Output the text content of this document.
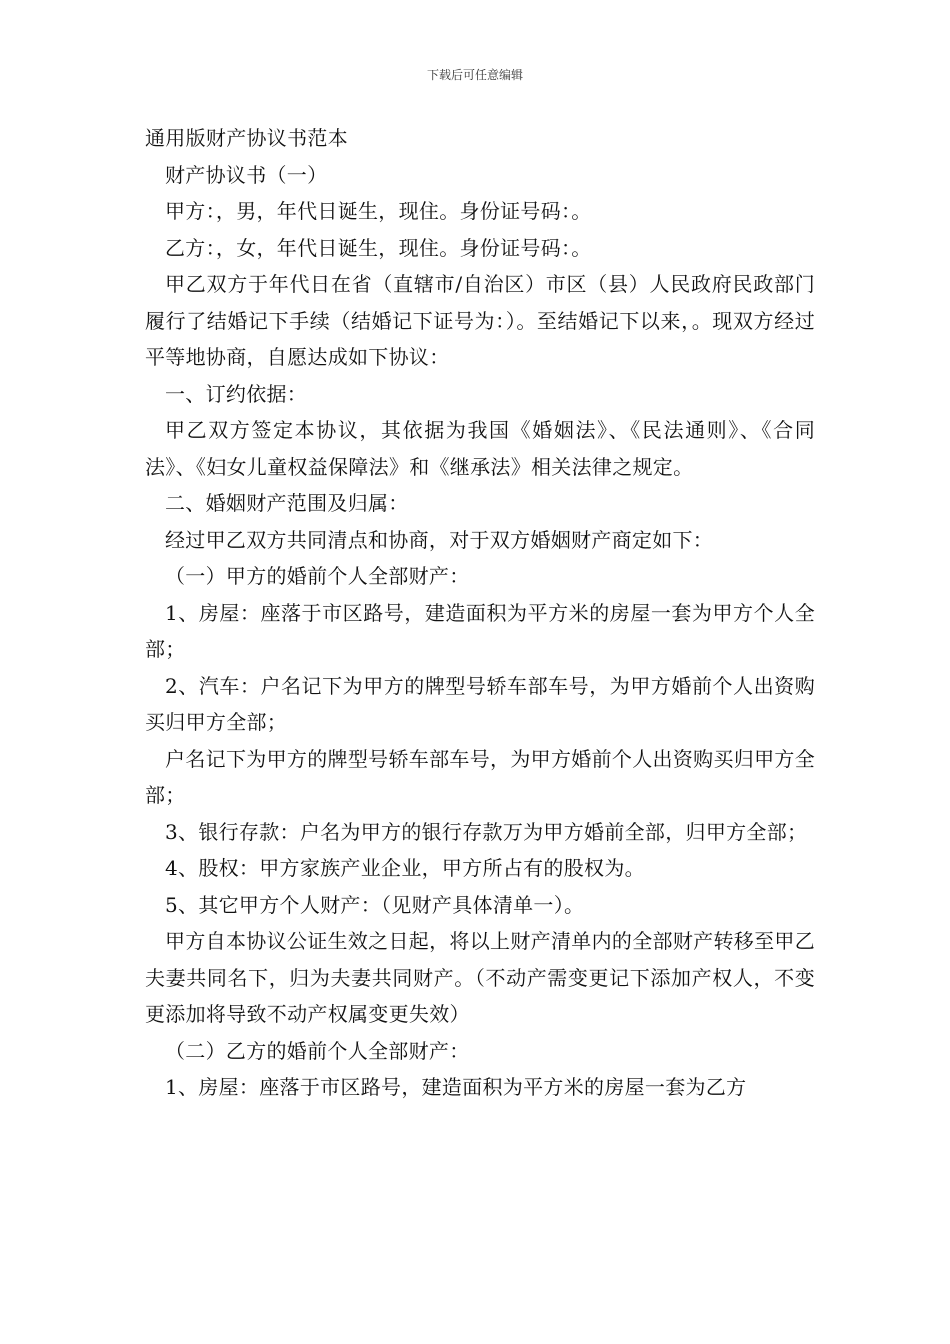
下载后可任意编辑

通用版财产协议书范本

财产协议书（一）

甲方：，男，年代日诞生，现住。身份证号码：。

乙方：，女，年代日诞生，现住。身份证号码：。

甲乙双方于年代日在省（直辖市/自治区）市区（县）人民政府民政部门履行了结婚记下手续（结婚记下证号为：）。至结婚记下以来，。现双方经过平等地协商，自愿达成如下协议：

一、订约依据：

甲乙双方签定本协议，其依据为我国《婚姻法》、《民法通则》、《合同法》、《妇女儿童权益保障法》和《继承法》相关法律之规定。

二、婚姻财产范围及归属：

经过甲乙双方共同清点和协商，对于双方婚姻财产商定如下：

（一）甲方的婚前个人全部财产：

1、房屋：座落于市区路号，建造面积为平方米的房屋一套为甲方个人全部；

2、汽车：户名记下为甲方的牌型号轿车部车号，为甲方婚前个人出资购买归甲方全部；

户名记下为甲方的牌型号轿车部车号，为甲方婚前个人出资购买归甲方全部；

3、银行存款：户名为甲方的银行存款万为甲方婚前全部，归甲方全部；

4、股权：甲方家族产业企业，甲方所占有的股权为。

5、其它甲方个人财产：（见财产具体清单一）。

甲方自本协议公证生效之日起，将以上财产清单内的全部财产转移至甲乙夫妻共同名下，归为夫妻共同财产。（不动产需变更记下添加产权人，不变更添加将导致不动产权属变更失效）

（二）乙方的婚前个人全部财产：

1、房屋：座落于市区路号，建造面积为平方米的房屋一套为乙方
